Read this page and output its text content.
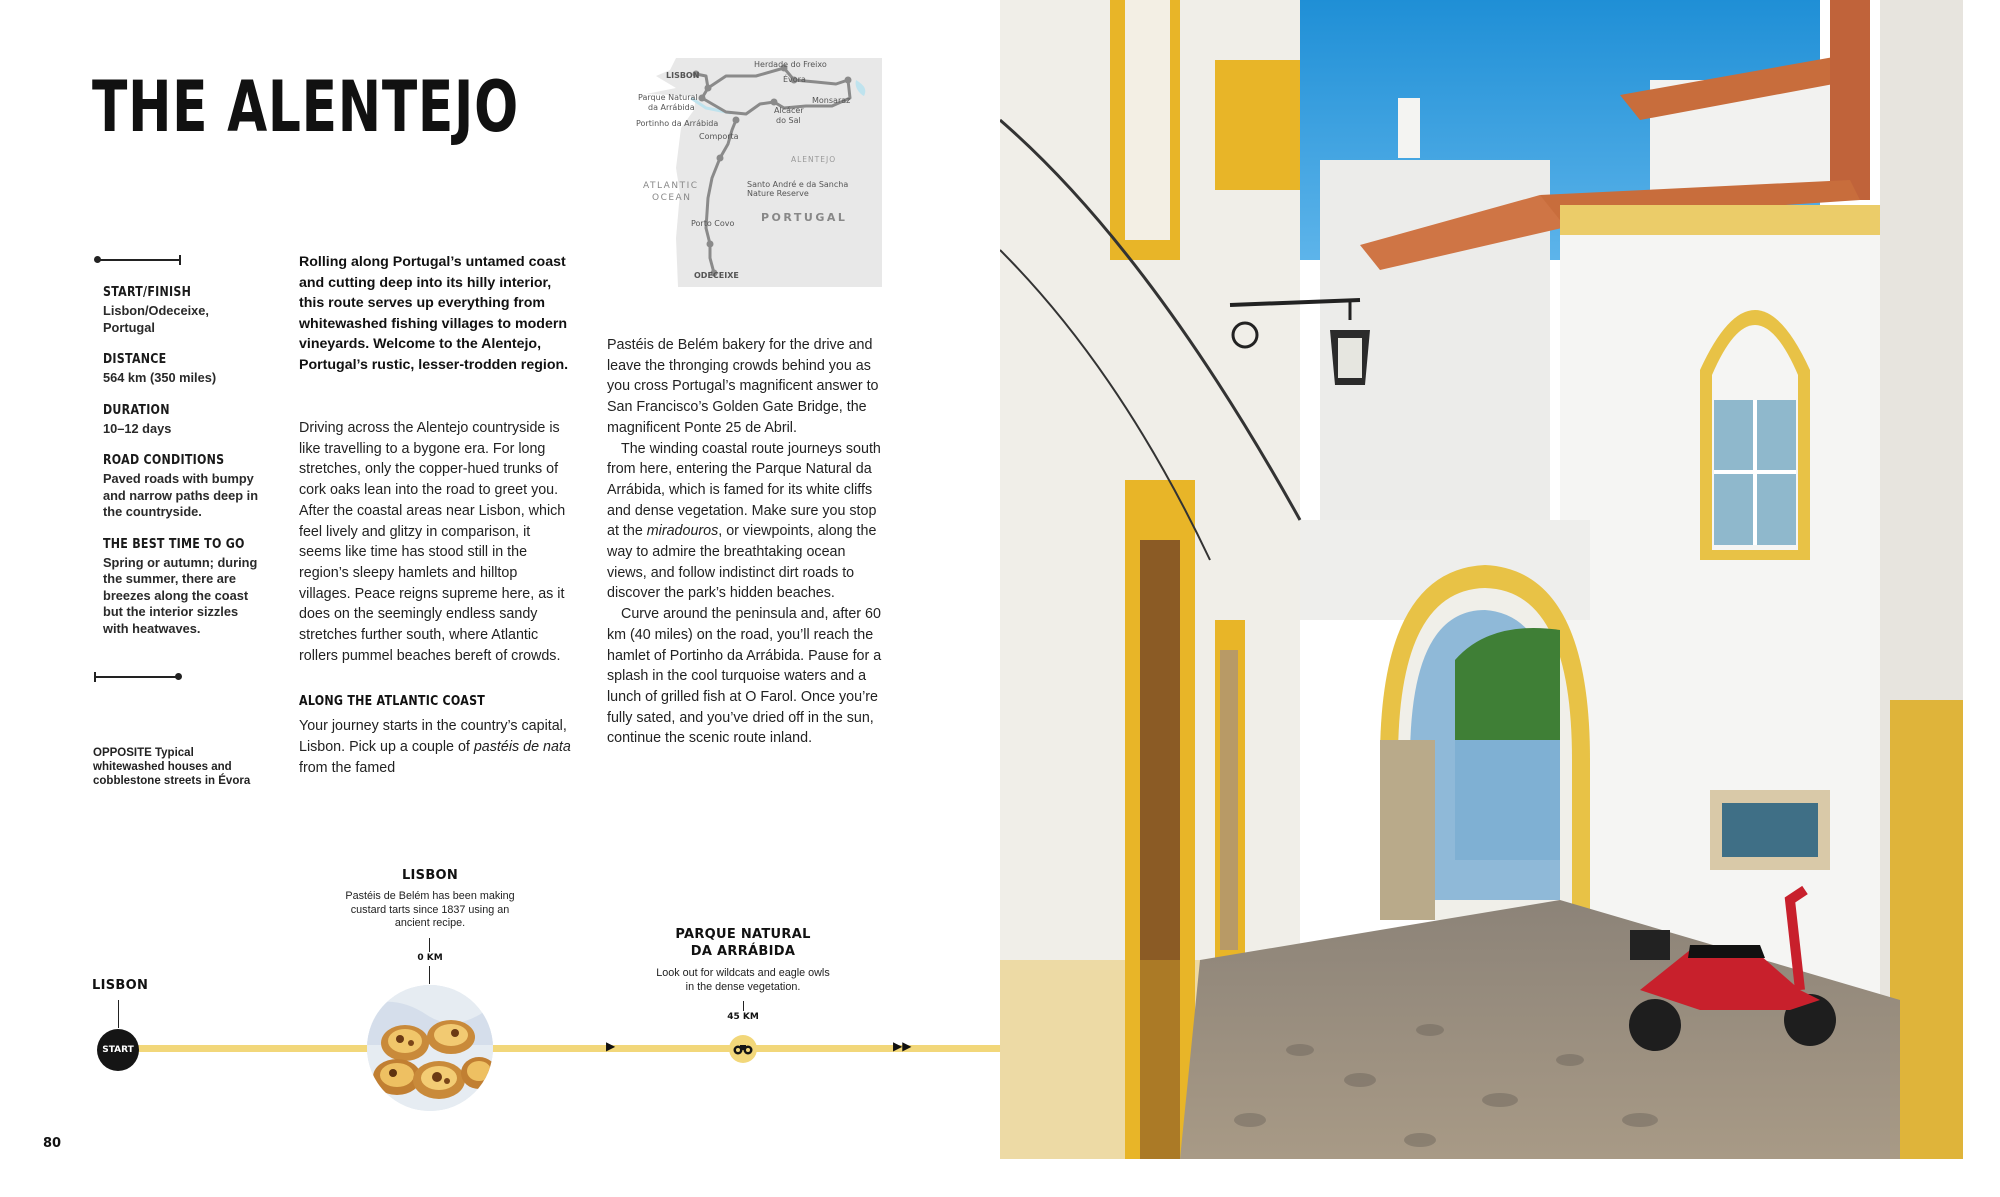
THE ALENTEJO
START/FINISH
Lisbon/Odeceixe, Portugal
DISTANCE
564 km (350 miles)
DURATION
10–12 days
ROAD CONDITIONS
Paved roads with bumpy and narrow paths deep in the countryside.
THE BEST TIME TO GO
Spring or autumn; during the summer, there are breezes along the coast but the interior sizzles with heatwaves.
OPPOSITE Typical whitewashed houses and cobblestone streets in Évora
Rolling along Portugal’s untamed coast and cutting deep into its hilly interior, this route serves up everything from whitewashed fishing villages to modern vineyards. Welcome to the Alentejo, Portugal’s rustic, lesser-trodden region.

Driving across the Alentejo countryside is like travelling to a bygone era. For long stretches, only the copper-hued trunks of cork oaks lean into the road to greet you. After the coastal areas near Lisbon, which feel lively and glitzy in comparison, it seems like time has stood still in the region’s sleepy hamlets and hilltop villages. Peace reigns supreme here, as it does on the seemingly endless sandy stretches further south, where Atlantic rollers pummel beaches bereft of crowds.

ALONG THE ATLANTIC COAST

Your journey starts in the country’s capital, Lisbon. Pick up a couple of pastéis de nata from the famed

Pastéis de Belém bakery for the drive and leave the thronging crowds behind you as you cross Portugal’s magnificent answer to San Francisco’s Golden Gate Bridge, the magnificent Ponte 25 de Abril.

The winding coastal route journeys south from here, entering the Parque Natural da Arrábida, which is famed for its white cliffs and dense vegetation. Make sure you stop at the miradouros, or viewpoints, along the way to admire the breathtaking ocean views, and follow indistinct dirt roads to discover the park’s hidden beaches.

Curve around the peninsula and, after 60 km (40 miles) on the road, you’ll reach the hamlet of Portinho da Arrábida. Pause for a splash in the cool turquoise waters and a lunch of grilled fish at O Farol. Once you’re fully sated, and you’ve dried off in the sun, continue the scenic route inland.

LISBON
Herdade do Freixo
Évora
Monsaraz
Parque Natural
da Arrábida
Portinho da Arrábida
Alcácer
do Sal
Comporta
ALENTEJO
ATLANTIC
OCEAN
Santo André e da Sancha
Nature Reserve
PORTUGAL
Porto Covo
ODECEIXE
LISBON
START
LISBON
Pastéis de Belém has been making custard tarts since 1837 using an ancient recipe.
0 KM
▶
PARQUE NATURAL
DA ARRÁBIDA
Look out for wildcats and eagle owls in the dense vegetation.
45 KM
▶▶
80
